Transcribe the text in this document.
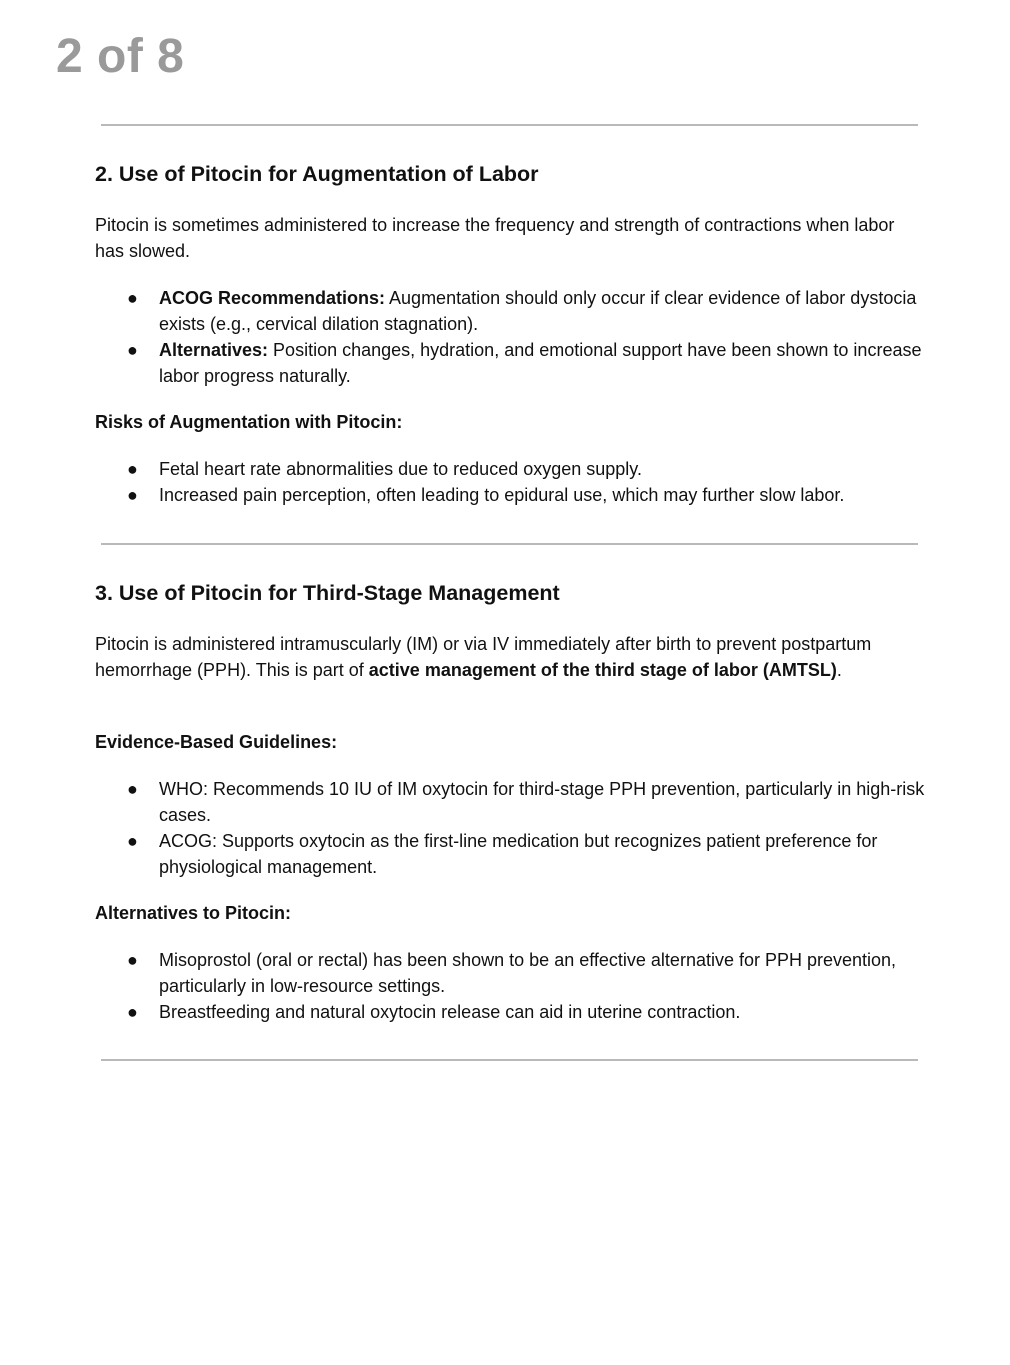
2 of 8
2. Use of Pitocin for Augmentation of Labor

Pitocin is sometimes administered to increase the frequency and strength of contractions when labor has slowed.

● ACOG Recommendations: Augmentation should only occur if clear evidence of labor dystocia exists (e.g., cervical dilation stagnation).
● Alternatives: Position changes, hydration, and emotional support have been shown to increase labor progress naturally.

Risks of Augmentation with Pitocin:

● Fetal heart rate abnormalities due to reduced oxygen supply.
● Increased pain perception, often leading to epidural use, which may further slow labor.
3. Use of Pitocin for Third-Stage Management

Pitocin is administered intramuscularly (IM) or via IV immediately after birth to prevent postpartum hemorrhage (PPH). This is part of active management of the third stage of labor (AMTSL).

Evidence-Based Guidelines:

● WHO: Recommends 10 IU of IM oxytocin for third-stage PPH prevention, particularly in high-risk cases.
● ACOG: Supports oxytocin as the first-line medication but recognizes patient preference for physiological management.

Alternatives to Pitocin:

● Misoprostol (oral or rectal) has been shown to be an effective alternative for PPH prevention, particularly in low-resource settings.
● Breastfeeding and natural oxytocin release can aid in uterine contraction.
